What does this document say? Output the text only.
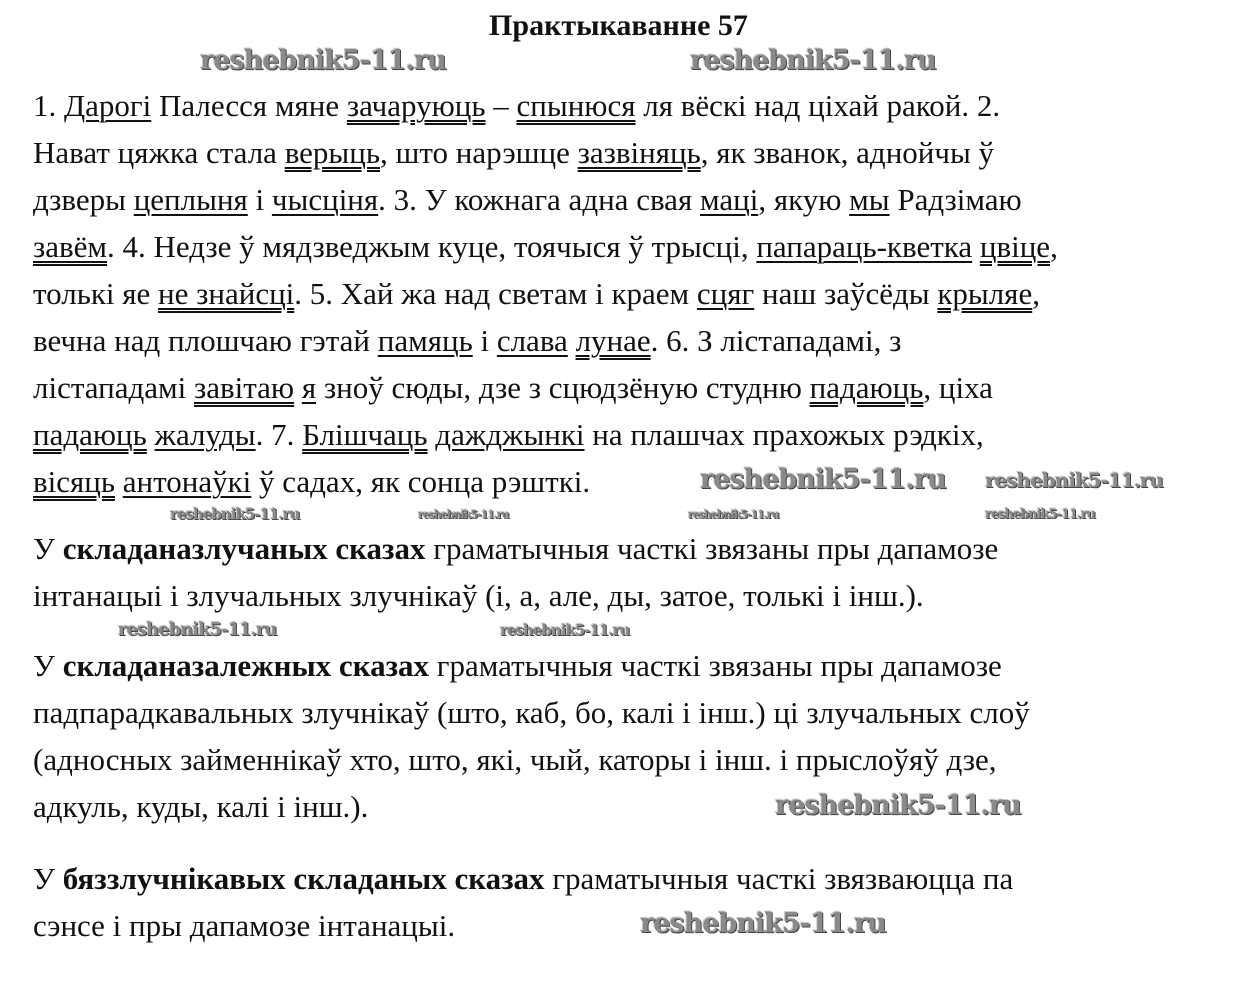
Практыкаванне 57
1. Дарогі Палесся мяне зачаруюць – спынюся ля вёскі над ціхай ракой. 2.
Нават цяжка стала верыць, што нарэшце зазвіняць, як званок, аднойчы ў
дзверы цеплыня і чысціня. 3. У кожнага адна свая маці, якую мы Радзімаю
завём. 4. Недзе ў мядзведжым куце, тоячыся ў трысці, папараць-кветка цвіце,
толькі яе не знайсці. 5. Хай жа над светам і краем сцяг наш заўсёды крыляе,
вечна над плошчаю гэтай памяць і слава лунае. 6. З лістападамі, з
лістападамі завітаю я зноў сюды, дзе з сцюдзёную студню падаюць, ціха
падаюць жалуды. 7. Блішчаць дажджынкі на плашчах прахожых рэдкіх,
вісяць антонаўкі ў садах, як сонца рэшткі.
У складаназлучаных сказах граматычныя часткі звязаны пры дапамозе
інтанацыі і злучальных злучнікаў (і, а, але, ды, затое, толькі і інш.).
У складаназалежных сказах граматычныя часткі звязаны пры дапамозе
падпарадкавальных злучнікаў (што, каб, бо, калі і інш.) ці злучальных слоў
(адносных займеннікаў хто, што, які, чый, каторы і інш. і прыслоўяў дзе,
адкуль, куды, калі і інш.).
У бяззлучнікавых складаных сказах граматычныя часткі звязваюцца па
сэнсе і пры дапамозе інтанацыі.
reshebnik5-11.ru	reshebnik5-11.ru
reshebnik5-11.ru
reshebnik5-11.ru
reshebnik5-11.ru	reshebnik5-11.ru
reshebnik5-11.ru
reshebnik5-11.ru
reshebnik5-11.ru
reshebnik5-11.ru
reshebnik5-11.ru
reshebnik5-11.ru
